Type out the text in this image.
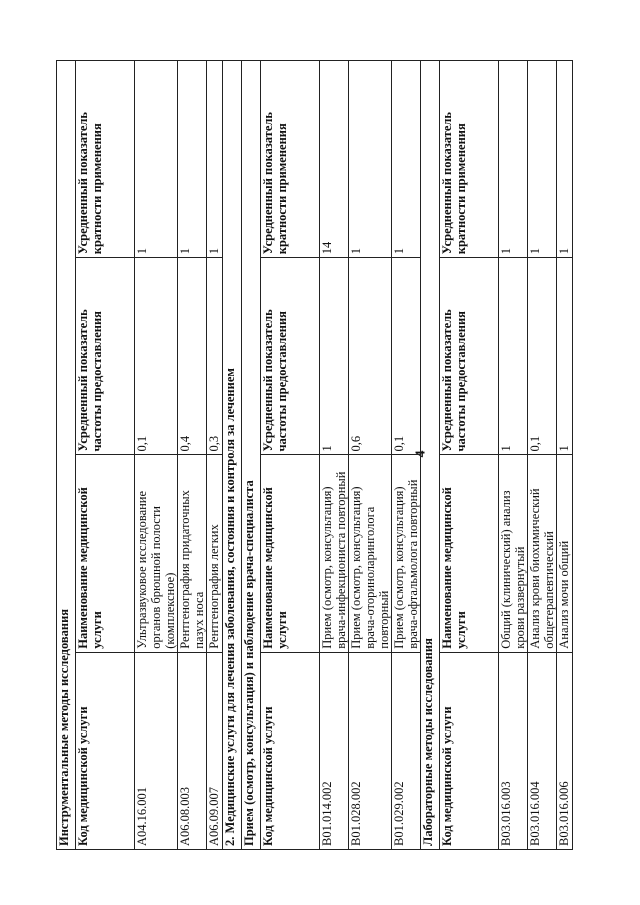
4
Инструментальные методы исследования			
Код медицинской услуги	Наименование медицинской услуги	Усредненный показатель частоты предоставления	Усредненный показатель кратности применения
A04.16.001	Ультразвуковое исследование органов брюшной полости (комплексное)	0,1	1
A06.08.003	Рентгенография придаточных пазух носа	0,4	1
A06.09.007	Рентгенография легких	0,3	1
2. Медицинские услуги для лечения заболевания, состояния и контроля за лечением			
Прием (осмотр, консультация) и наблюдение врача-специалиста			
Код медицинской услуги	Наименование медицинской услуги	Усредненный показатель частоты предоставления	Усредненный показатель кратности применения
B01.014.002	Прием (осмотр, консультация) врача-инфекциониста повторный	1	14
B01.028.002	Прием (осмотр, консультация) врача-оториноларинголога повторный	0,6	1
B01.029.002	Прием (осмотр, консультация) врача-офтальмолога повторный	0,1	1
Лабораторные методы исследования			
Код медицинской услуги	Наименование медицинской услуги	Усредненный показатель частоты предоставления	Усредненный показатель кратности применения
B03.016.003	Общий (клинический) анализ крови развернутый	1	1
B03.016.004	Анализ крови биохимический общетерапевтический	0,1	1
B03.016.006	Анализ мочи общий	1	1
